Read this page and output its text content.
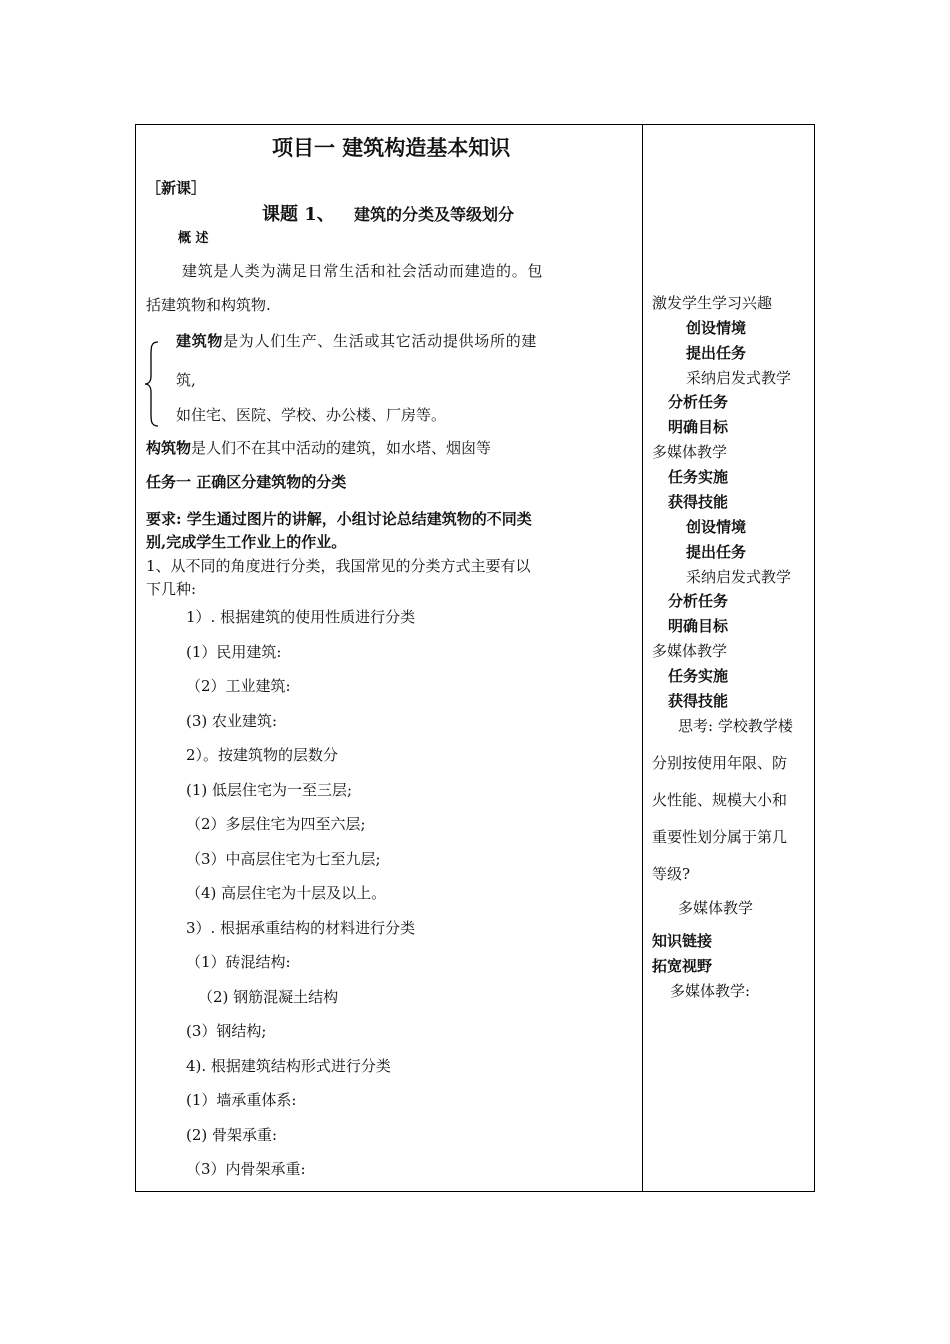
项目一 建筑构造基本知识
［新课］
课题 1、 建筑的分类及等级划分
概 述
建筑是人类为满足日常生活和社会活动而建造的。包
括建筑物和构筑物.
建筑物是为人们生产、生活或其它活动提供场所的建
筑,
如住宅、医院、学校、办公楼、厂房等。
构筑物是人们不在其中活动的建筑，如水塔、烟囱等
任务一 正确区分建筑物的分类
要求: 学生通过图片的讲解，小组讨论总结建筑物的不同类
别,完成学生工作业上的作业。
1、从不同的角度进行分类，我国常见的分类方式主要有以
下几种:
1）. 根据建筑的使用性质进行分类
(1）民用建筑:
（2）工业建筑:
(3) 农业建筑:
2）。按建筑物的层数分
(1) 低层住宅为一至三层;
（2）多层住宅为四至六层;
（3）中高层住宅为七至九层;
（4) 高层住宅为十层及以上。
3）. 根据承重结构的材料进行分类
（1）砖混结构:
（2) 钢筋混凝土结构
(3）钢结构;
4). 根据建筑结构形式进行分类
(1）墙承重体系:
(2) 骨架承重:
（3）内骨架承重:
激发学生学习兴趣
创设情境
提出任务
采纳启发式教学
分析任务
明确目标
多媒体教学
任务实施
获得技能
创设情境
提出任务
采纳启发式教学
分析任务
明确目标
多媒体教学
任务实施
获得技能
思考: 学校教学楼
分别按使用年限、防
火性能、规模大小和
重要性划分属于第几
等级?
多媒体教学
知识链接
拓宽视野
多媒体教学:
